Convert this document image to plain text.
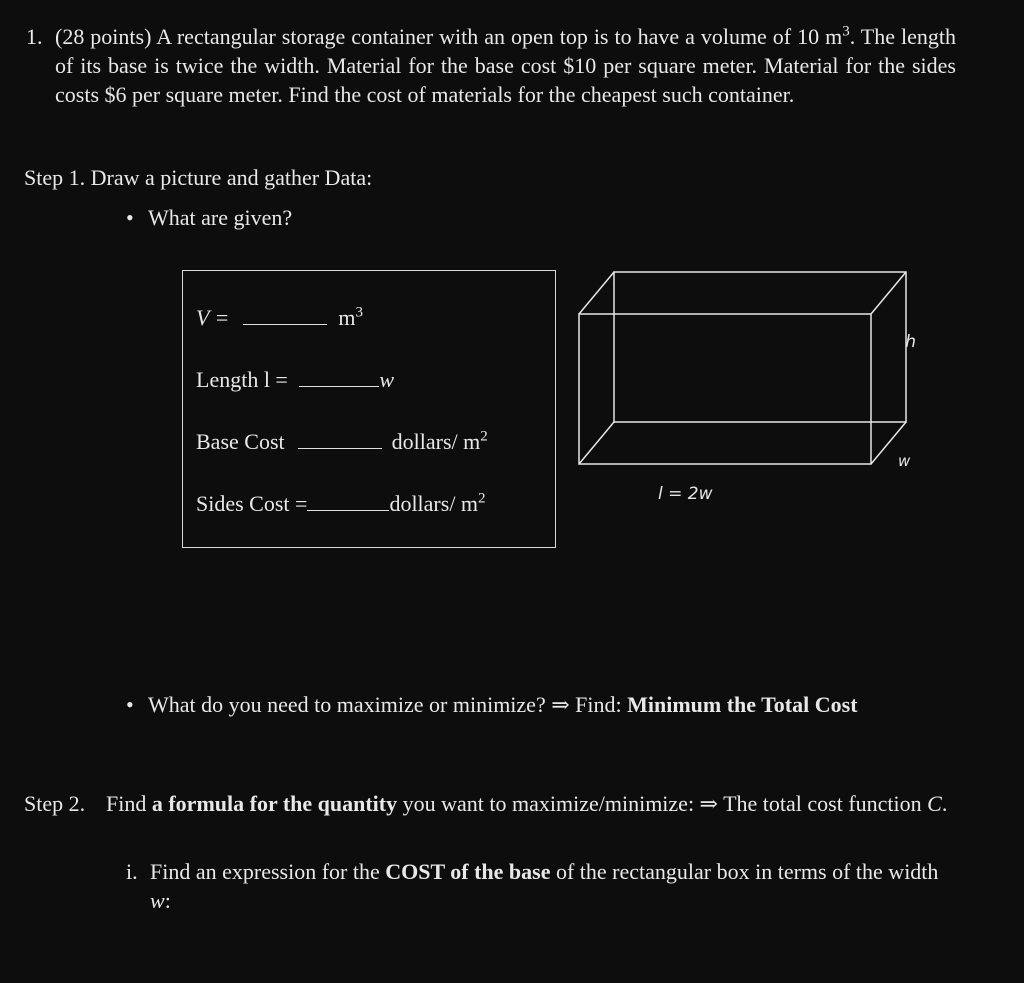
1. (28 points) A rectangular storage container with an open top is to have a volume of 10 $m^3$. The length of its base is twice the width. Material for the base cost $10 per square meter. Material for the sides costs $6 per square meter. Find the cost of materials for the cheapest such container.
Step 1. Draw a picture and gather Data:
• What are given?
V =	$m^3$
Length l =	w
Base Cost	dollars/ $m^2$
Sides Cost =	dollars/ $m^2$
h
w
l = 2w
• What do you need to maximize or minimize? ⇒ Find: Minimum the Total Cost
Step 2. Find a formula for the quantity you want to maximize/minimize: ⇒ The total cost function C.
i. Find an expression for the COST of the base of the rectangular box in terms of the width w:
